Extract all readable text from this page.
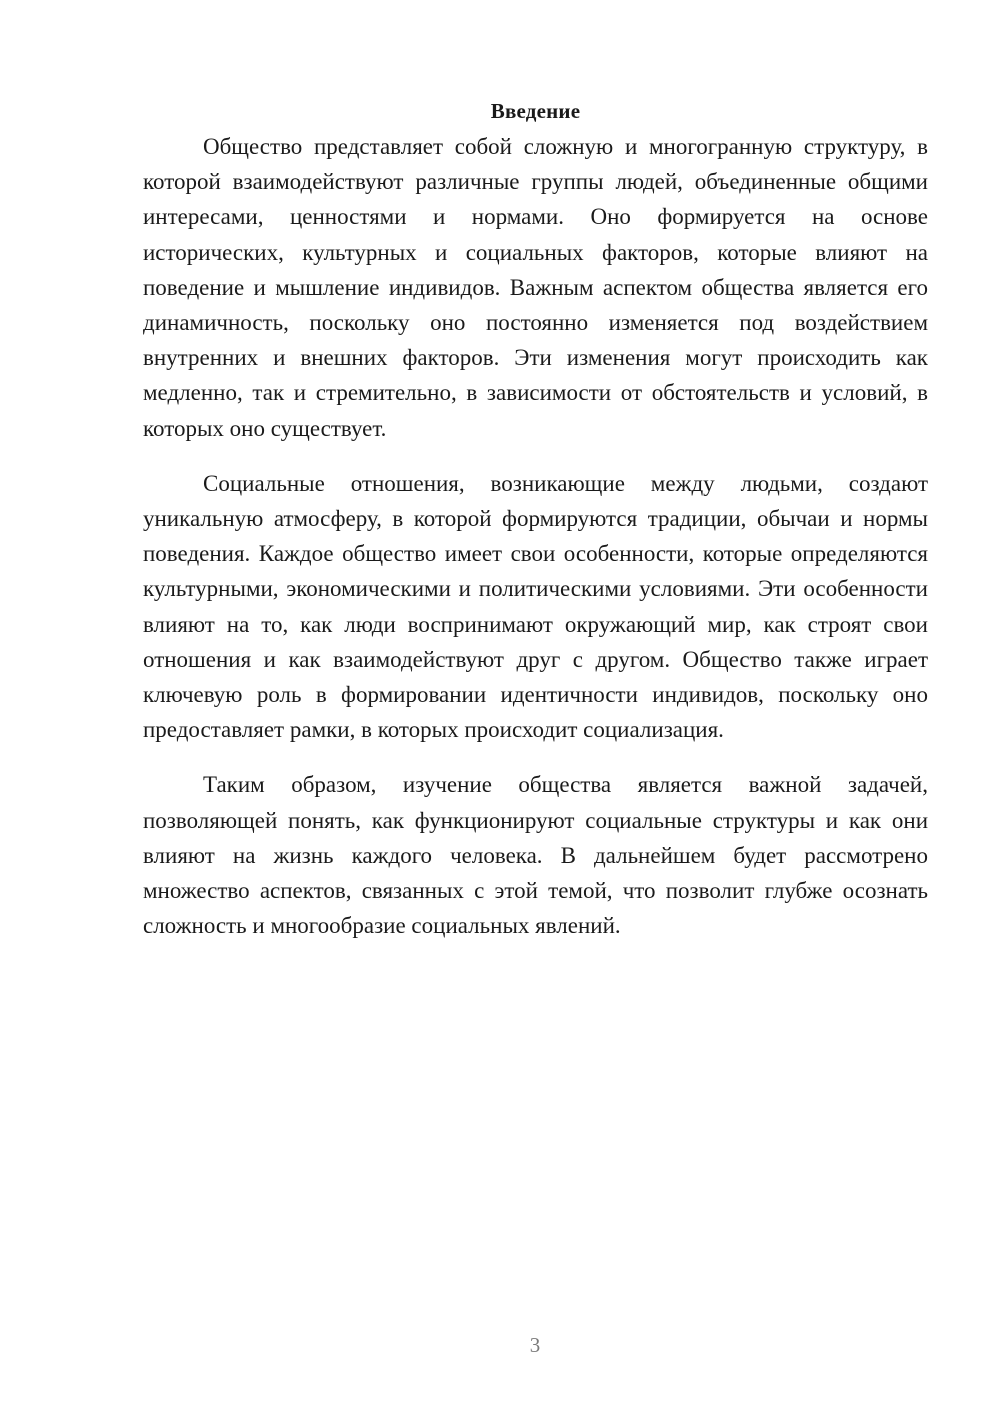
Введение

Общество представляет собой сложную и многогранную структуру, в которой взаимодействуют различные группы людей, объединенные общими интересами, ценностями и нормами. Оно формируется на основе исторических, культурных и социальных факторов, которые влияют на поведение и мышление индивидов. Важным аспектом общества является его динамичность, поскольку оно постоянно изменяется под воздействием внутренних и внешних факторов. Эти изменения могут происходить как медленно, так и стремительно, в зависимости от обстоятельств и условий, в которых оно существует.

Социальные отношения, возникающие между людьми, создают уникальную атмосферу, в которой формируются традиции, обычаи и нормы поведения. Каждое общество имеет свои особенности, которые определяются культурными, экономическими и политическими условиями. Эти особенности влияют на то, как люди воспринимают окружающий мир, как строят свои отношения и как взаимодействуют друг с другом. Общество также играет ключевую роль в формировании идентичности индивидов, поскольку оно предоставляет рамки, в которых происходит социализация.

Таким образом, изучение общества является важной задачей, позволяющей понять, как функционируют социальные структуры и как они влияют на жизнь каждого человека. В дальнейшем будет рассмотрено множество аспектов, связанных с этой темой, что позволит глубже осознать сложность и многообразие социальных явлений.

3
